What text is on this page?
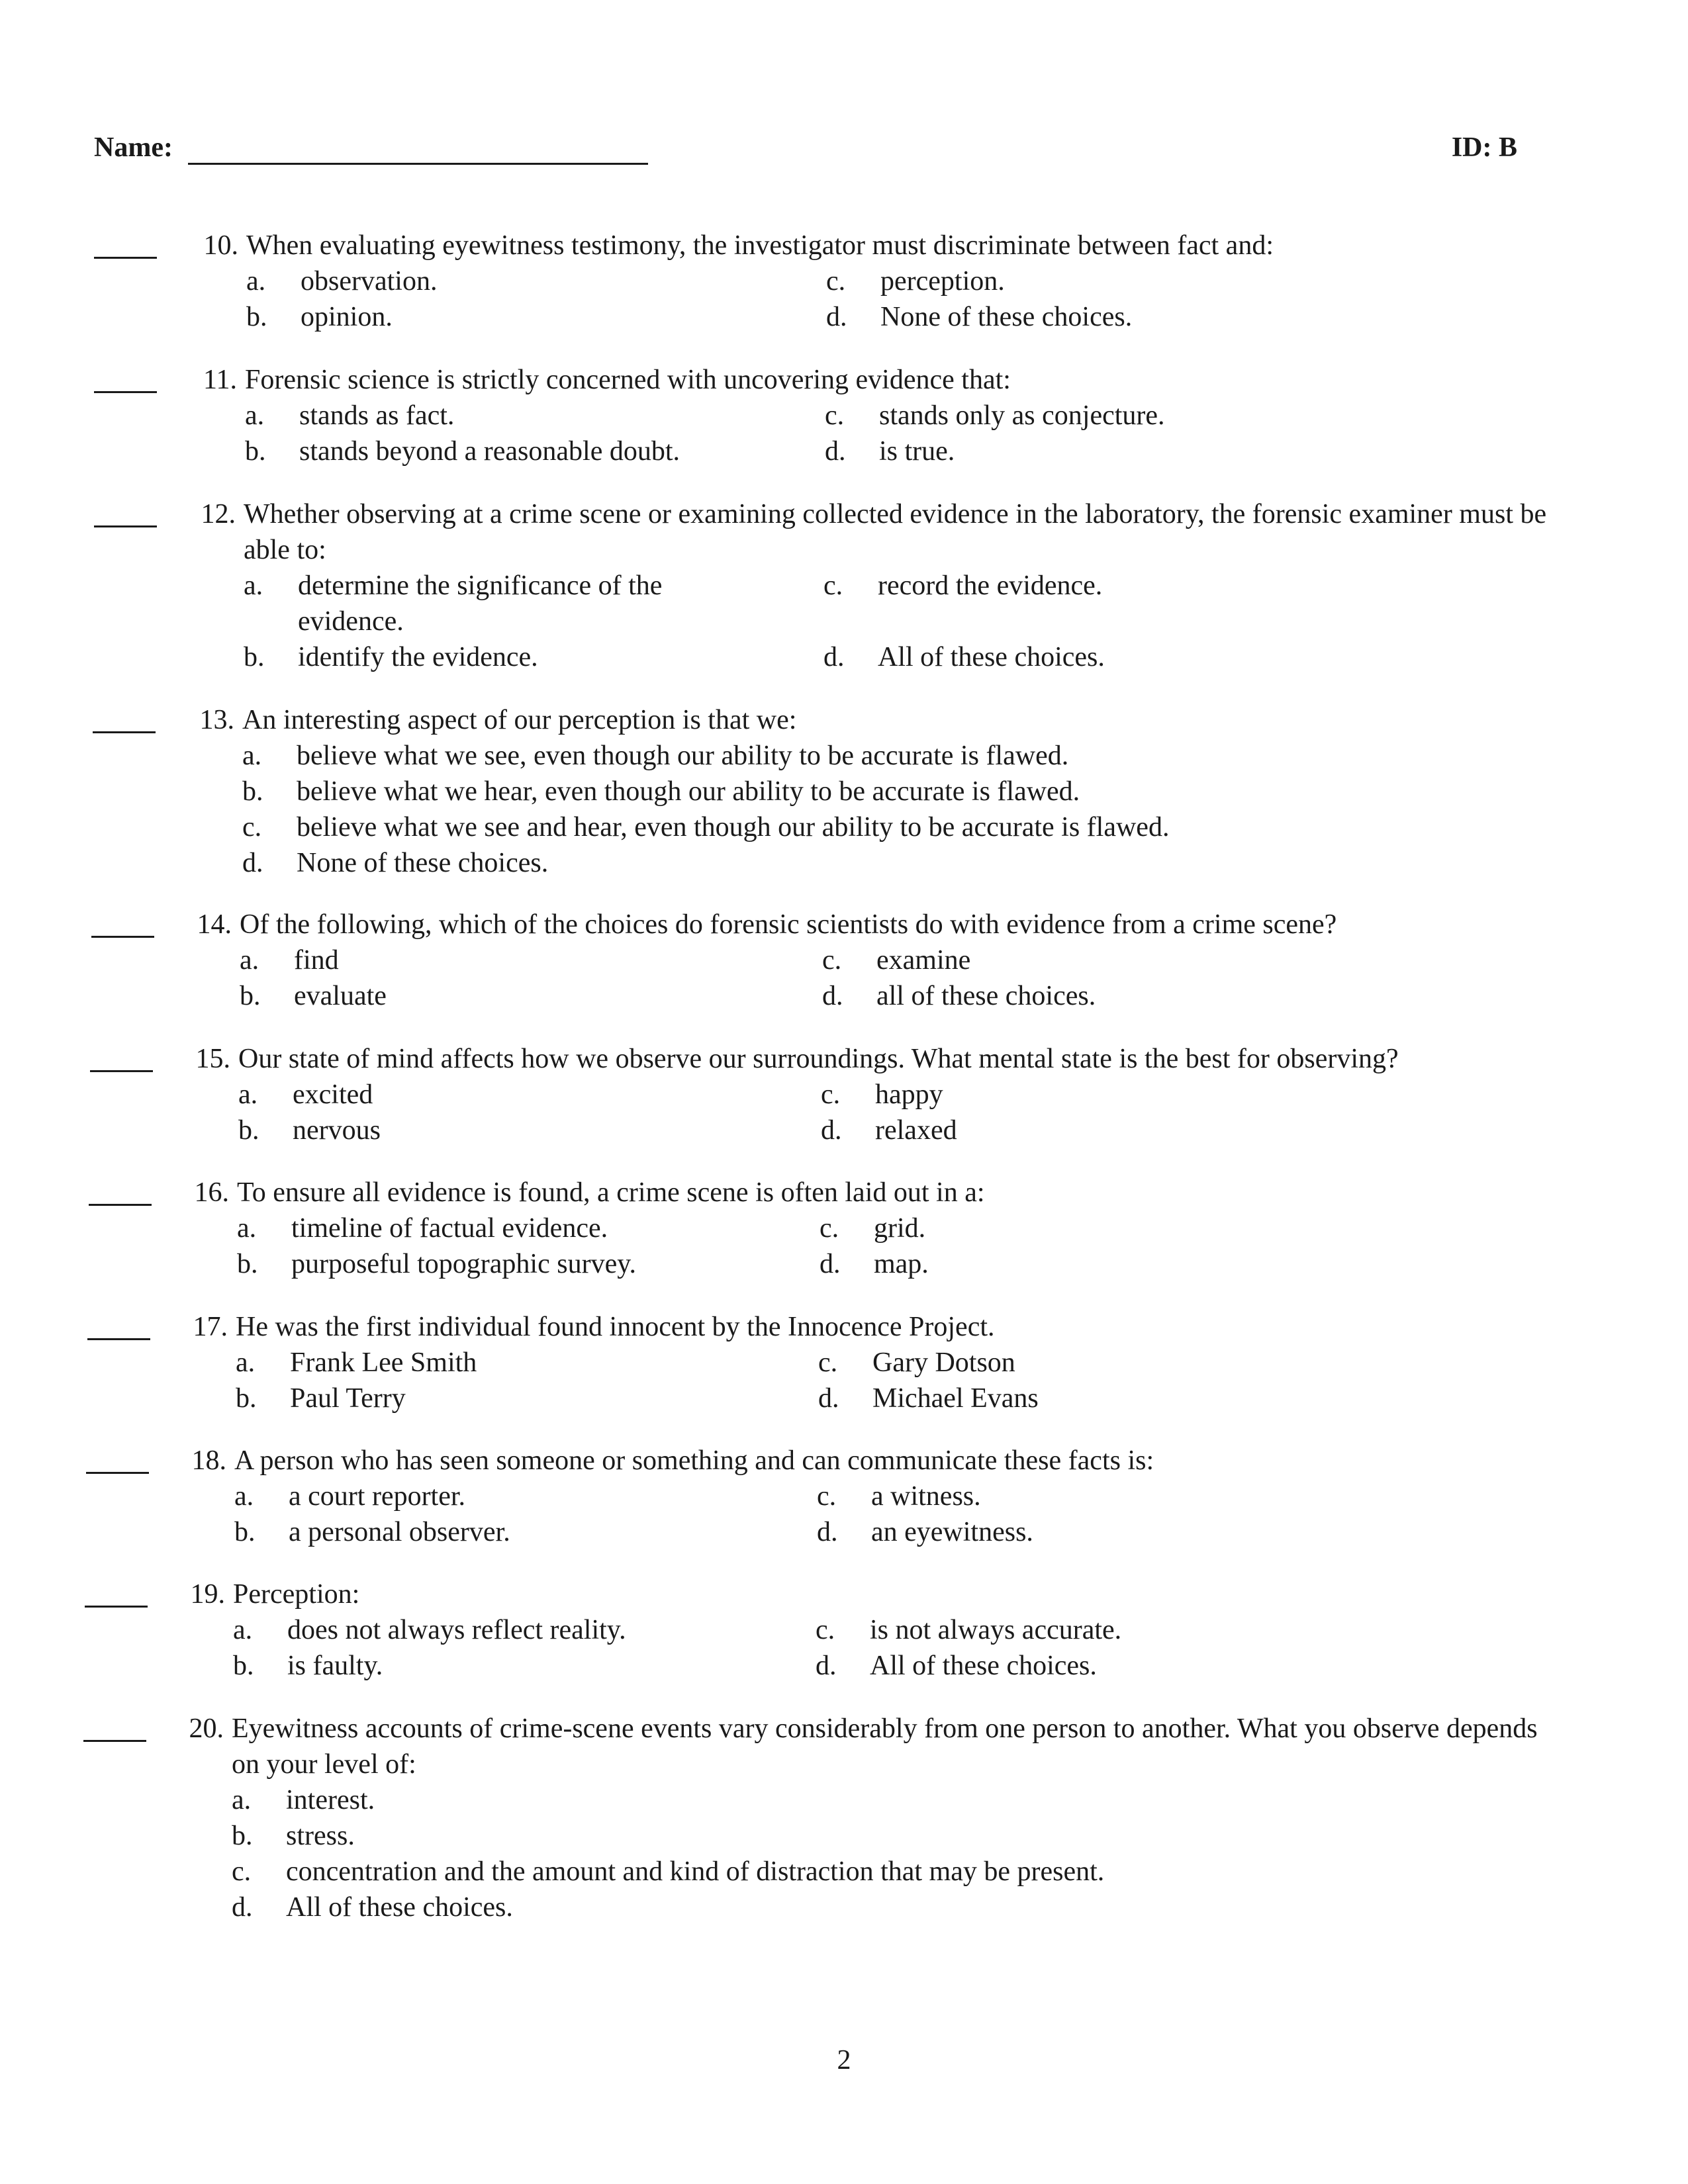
Name:	ID: B
10. When evaluating eyewitness testimony, the investigator must discriminate between fact and:
a. observation.	c. perception.
b. opinion.	d. None of these choices.
11. Forensic science is strictly concerned with uncovering evidence that:
a. stands as fact.	c. stands only as conjecture.
b. stands beyond a reasonable doubt.	d. is true.
12. Whether observing at a crime scene or examining collected evidence in the laboratory, the forensic examiner must be able to:
a. determine the significance of the evidence.
c. record the evidence.
b. identify the evidence.	d. All of these choices.
13. An interesting aspect of our perception is that we:
a. believe what we see, even though our ability to be accurate is flawed.
b. believe what we hear, even though our ability to be accurate is flawed.
c. believe what we see and hear, even though our ability to be accurate is flawed.
d. None of these choices.
14. Of the following, which of the choices do forensic scientists do with evidence from a crime scene?
a. find	c. examine
b. evaluate	d. all of these choices.
15. Our state of mind affects how we observe our surroundings. What mental state is the best for observing?
a. excited	c. happy
b. nervous	d. relaxed
16. To ensure all evidence is found, a crime scene is often laid out in a:
a. timeline of factual evidence.	c. grid.
b. purposeful topographic survey.	d. map.
17. He was the first individual found innocent by the Innocence Project.
a. Frank Lee Smith	c. Gary Dotson
b. Paul Terry	d. Michael Evans
18. A person who has seen someone or something and can communicate these facts is:
a. a court reporter.	c. a witness.
b. a personal observer.	d. an eyewitness.
19. Perception:
a. does not always reflect reality.	c. is not always accurate.
b. is faulty.	d. All of these choices.
20. Eyewitness accounts of crime-scene events vary considerably from one person to another. What you observe depends on your level of:
a. interest.
b. stress.
c. concentration and the amount and kind of distraction that may be present.
d. All of these choices.
2
